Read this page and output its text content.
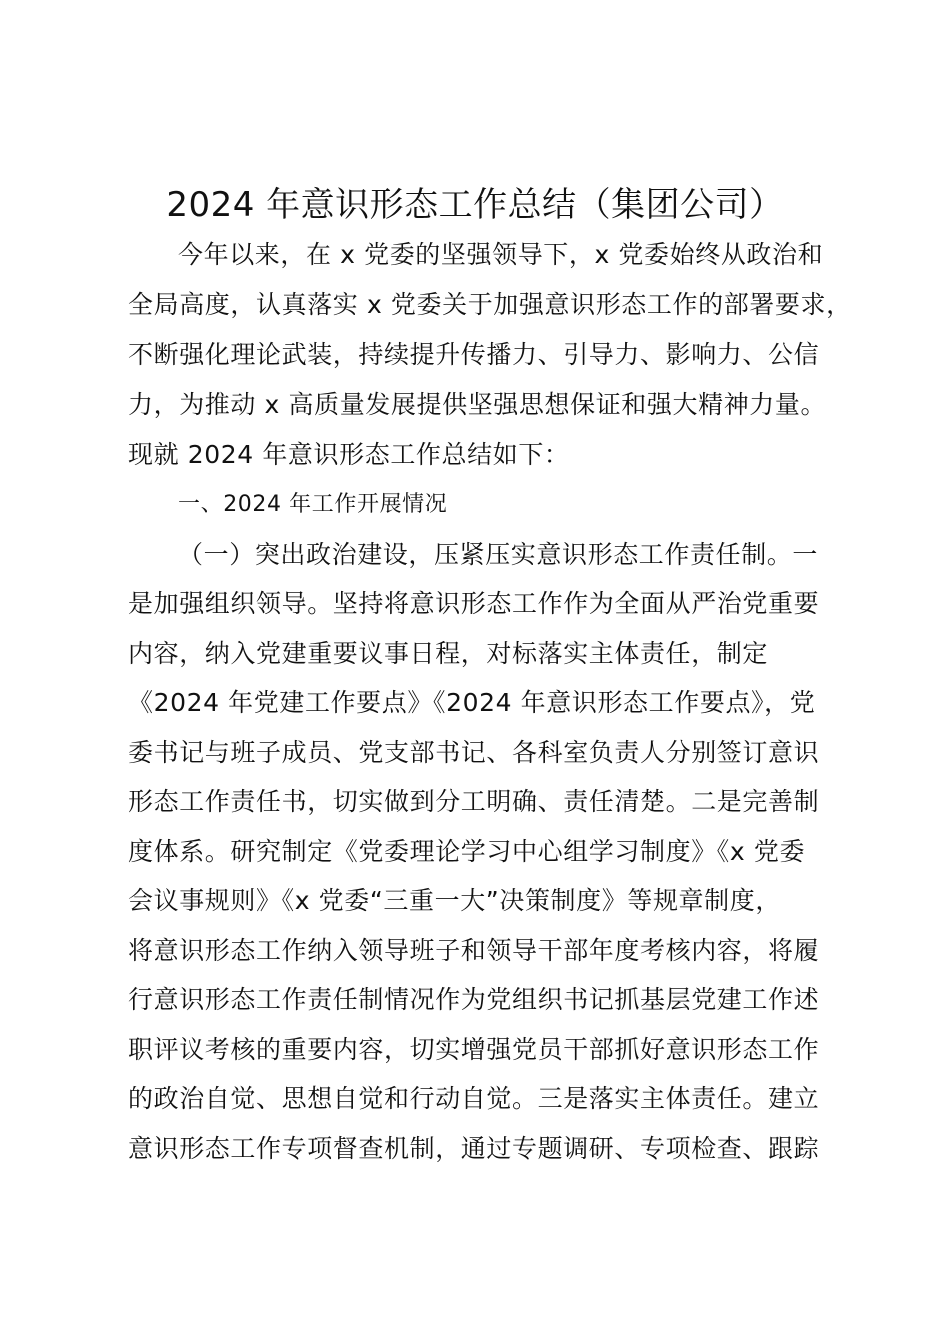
2024 年意识形态工作总结（集团公司）
今年以来，在 x 党委的坚强领导下，x 党委始终从政治和
全局高度，认真落实 x 党委关于加强意识形态工作的部署要求，
不断强化理论武装，持续提升传播力、引导力、影响力、公信
力，为推动 x 高质量发展提供坚强思想保证和强大精神力量。
现就 2024 年意识形态工作总结如下：
一、2024 年工作开展情况
（一）突出政治建设，压紧压实意识形态工作责任制。一
是加强组织领导。坚持将意识形态工作作为全面从严治党重要
内容，纳入党建重要议事日程，对标落实主体责任，制定
《2024 年党建工作要点》《2024 年意识形态工作要点》，党
委书记与班子成员、党支部书记、各科室负责人分别签订意识
形态工作责任书，切实做到分工明确、责任清楚。二是完善制
度体系。研究制定《党委理论学习中心组学习制度》《x 党委
会议事规则》《x 党委“三重一大”决策制度》等规章制度，
将意识形态工作纳入领导班子和领导干部年度考核内容，将履
行意识形态工作责任制情况作为党组织书记抓基层党建工作述
职评议考核的重要内容，切实增强党员干部抓好意识形态工作
的政治自觉、思想自觉和行动自觉。三是落实主体责任。建立
意识形态工作专项督查机制，通过专题调研、专项检查、跟踪
